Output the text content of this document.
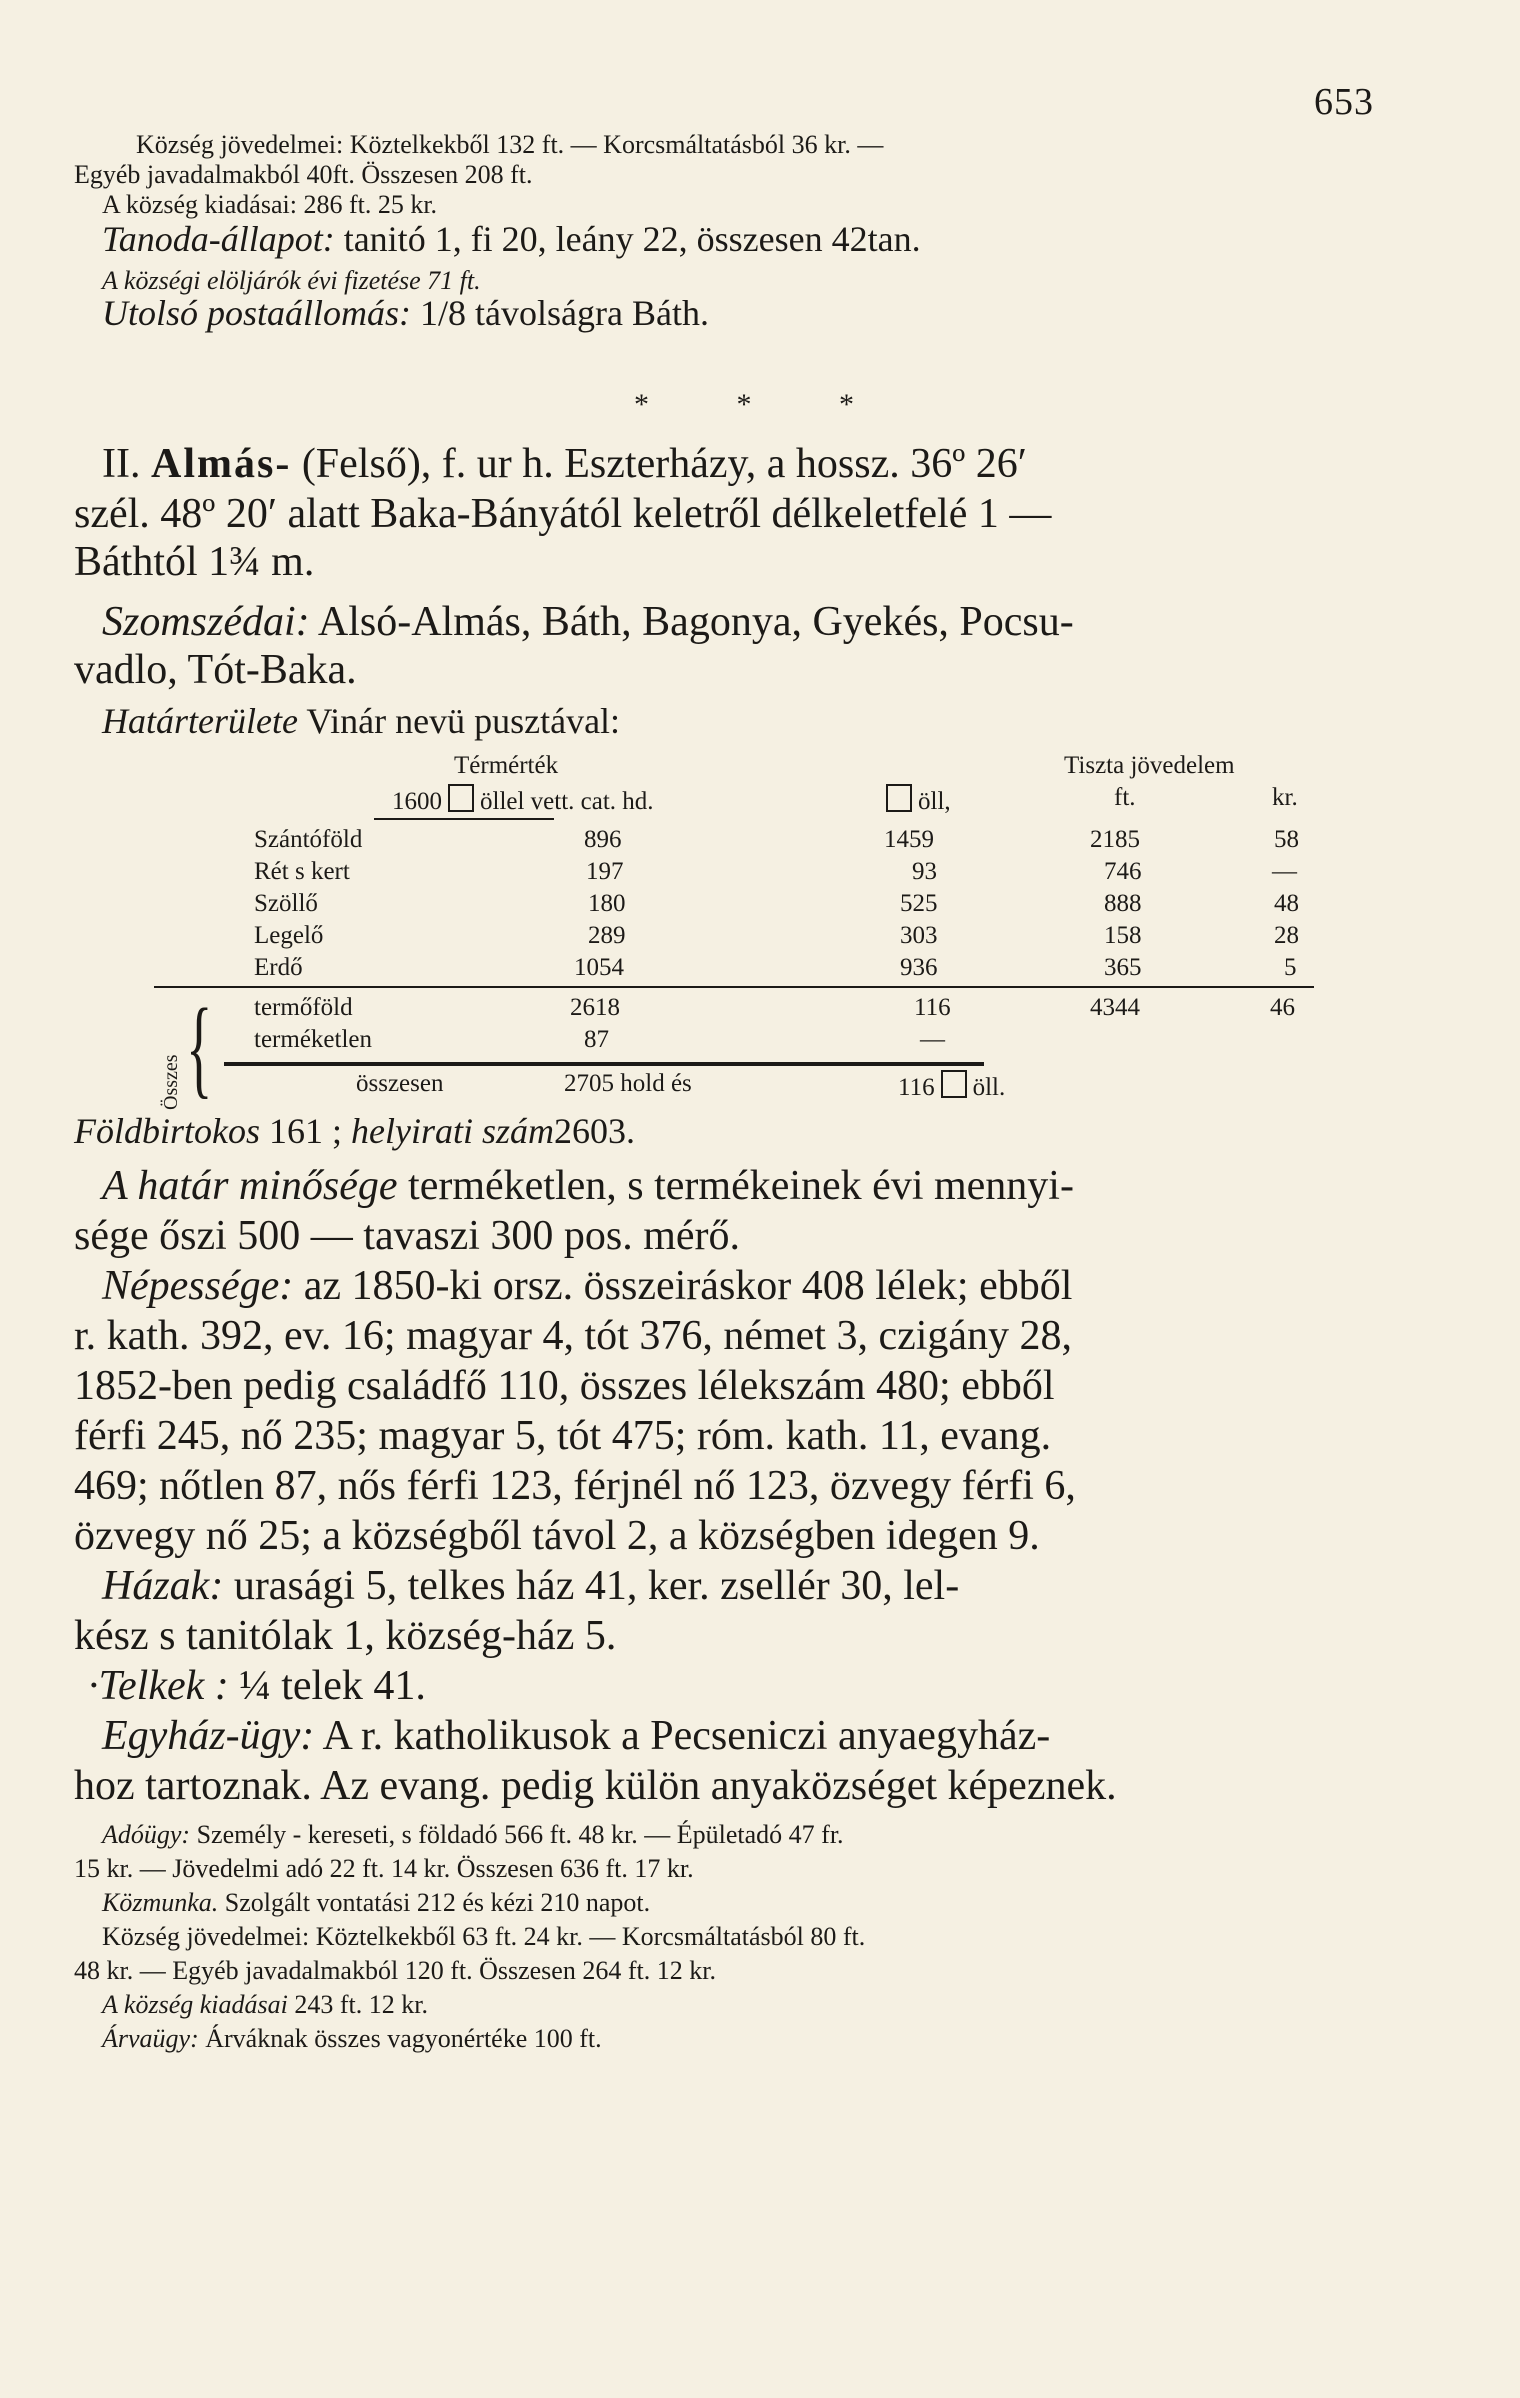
653
Község jövedelmei: Köztelkekből 132 ft. — Korcsmáltatásból 36 kr. —
Egyéb javadalmakból 40ft. Összesen 208 ft.
A község kiadásai: 286 ft. 25 kr.
Tanoda-állapot: tanitó 1, fi 20, leány 22, összesen 42tan.
A községi elöljárók évi fizetése 71 ft.
Utolsó postaállomás: 1/8 távolságra Báth.
* * *
II. Almás- (Felső), f. ur h. Eszterházy, a hossz. 36º 26′
szél. 48º 20′ alatt Baka-Bányától keletről délkeletfelé 1 —
Báthtól 1¾ m.
Szomszédai: Alsó-Almás, Báth, Bagonya, Gyekés, Pocsu-
vadlo, Tót-Baka.
Határterülete Vinár nevü pusztával:
Térmérték	Tiszta jövedelem
1600 öllel vett. cat. hd.	öll,	ft.	kr.
Szántóföld	896	1459	2185	58
Rét s kert	197	93	746	—
Szöllő	180	525	888	48
Legelő	289	303	158	28
Erdő	1054	936	365	5
Összes { termőföld	2618	116	4344	46
terméketlen	87	—
összesen	2705 hold és	116 öll.
Földbirtokos 161 ; helyirati szám2603.
A határ minősége terméketlen, s termékeinek évi mennyi-
sége őszi 500 — tavaszi 300 pos. mérő.
Népessége: az 1850-ki orsz. összeiráskor 408 lélek; ebből
r. kath. 392, ev. 16; magyar 4, tót 376, német 3, czigány 28,
1852-ben pedig családfő 110, összes lélekszám 480; ebből
férfi 245, nő 235; magyar 5, tót 475; róm. kath. 11, evang.
469; nőtlen 87, nős férfi 123, férjnél nő 123, özvegy férfi 6,
özvegy nő 25; a községből távol 2, a községben idegen 9.
Házak: urasági 5, telkes ház 41, ker. zsellér 30, lel-
kész s tanitólak 1, község-ház 5.
·Telkek : ¼ telek 41.
Egyház-ügy: A r. katholikusok a Pecseniczi anyaegyház-
hoz tartoznak. Az evang. pedig külön anyaközséget képeznek.
Adóügy: Személy - kereseti, s földadó 566 ft. 48 kr. — Épületadó 47 fr.
15 kr. — Jövedelmi adó 22 ft. 14 kr. Összesen 636 ft. 17 kr.
Közmunka. Szolgált vontatási 212 és kézi 210 napot.
Község jövedelmei: Köztelkekből 63 ft. 24 kr. — Korcsmáltatásból 80 ft.
48 kr. — Egyéb javadalmakból 120 ft. Összesen 264 ft. 12 kr.
A község kiadásai 243 ft. 12 kr.
Árvaügy: Árváknak összes vagyonértéke 100 ft.
